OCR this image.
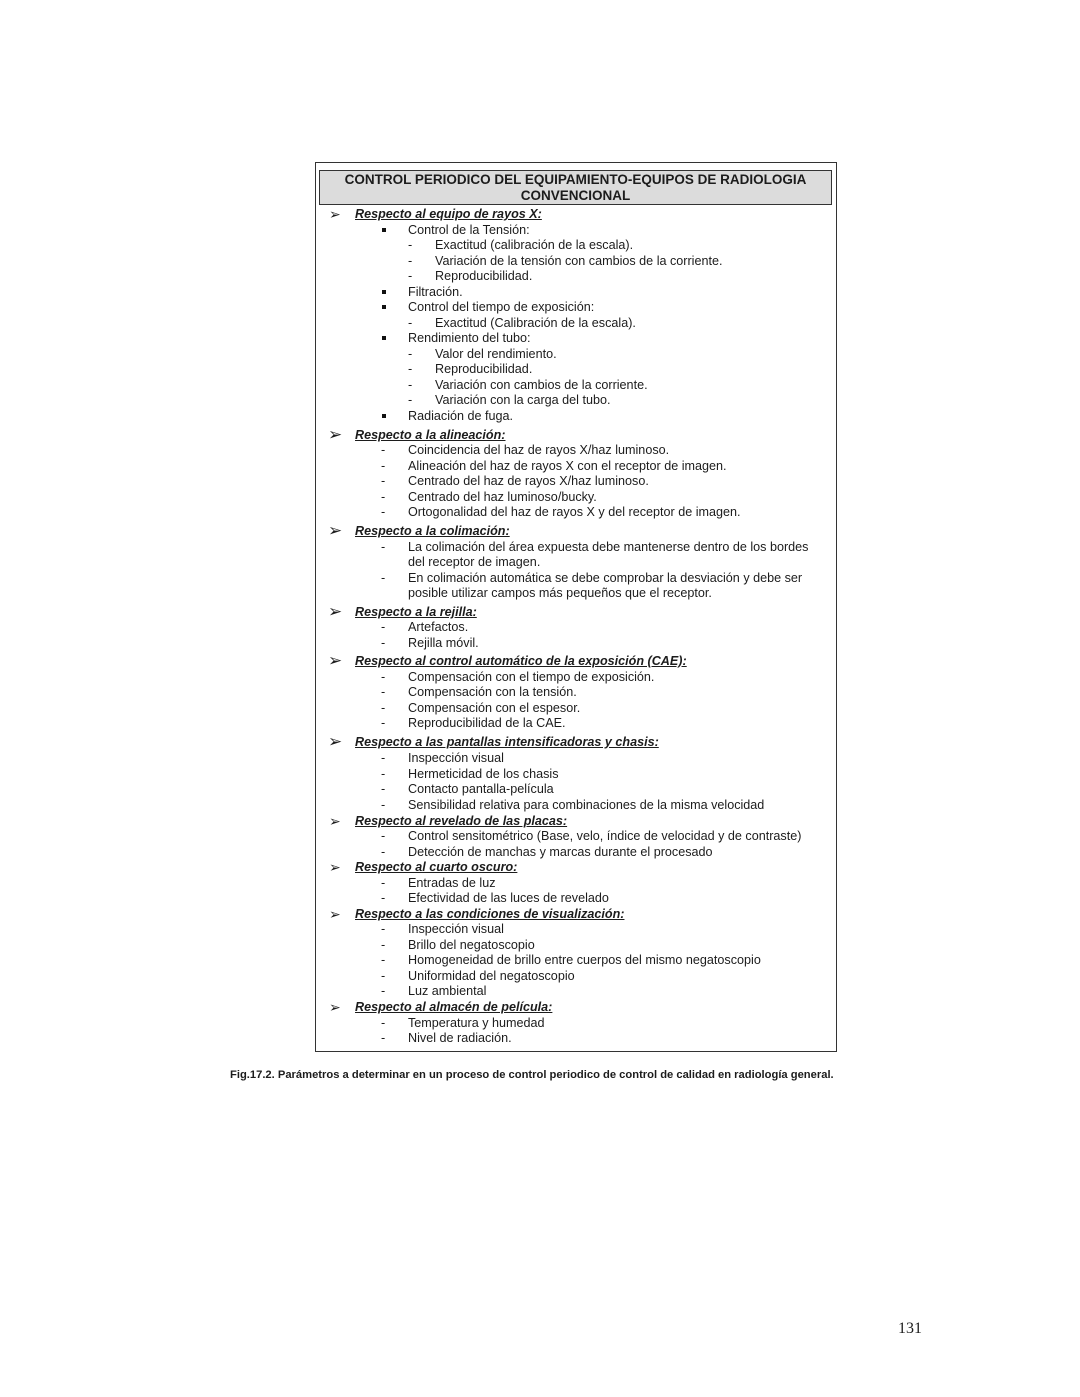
CONTROL PERIODICO DEL EQUIPAMIENTO-EQUIPOS DE RADIOLOGIA
CONVENCIONAL
➢ Respecto al equipo de rayos X:
Control de la Tensión:
- Exactitud (calibración de la escala).
- Variación de la tensión con cambios de la corriente.
- Reproducibilidad.
Filtración.
Control del tiempo de exposición:
- Exactitud (Calibración de la escala).
Rendimiento del tubo:
- Valor del rendimiento.
- Reproducibilidad.
- Variación con cambios de la corriente.
- Variación con la carga del tubo.
Radiación de fuga.
➢ Respecto a la alineación:
- Coincidencia del haz de rayos X/haz luminoso.
- Alineación del haz de rayos X con el receptor de imagen.
- Centrado del haz de rayos X/haz luminoso.
- Centrado del haz luminoso/bucky.
- Ortogonalidad del haz de rayos X y del receptor de imagen.
➢ Respecto a la colimación:
- La colimación del área expuesta debe mantenerse dentro de los bordes
del receptor de imagen.
- En colimación automática se debe comprobar la desviación y debe ser
posible utilizar campos más pequeños que el receptor.
➢ Respecto a la rejilla:
- Artefactos.
- Rejilla móvil.
➢ Respecto al control automático de la exposición (CAE):
- Compensación con el tiempo de exposición.
- Compensación con la tensión.
- Compensación con el espesor.
- Reproducibilidad de la CAE.
➢ Respecto a las pantallas intensificadoras y chasis:
- Inspección visual
- Hermeticidad de los chasis
- Contacto pantalla-película
- Sensibilidad relativa para combinaciones de la misma velocidad
➢ Respecto al revelado de las placas:
- Control sensitométrico (Base, velo, índice de velocidad y de contraste)
- Detección de manchas y marcas durante el procesado
➢ Respecto al cuarto oscuro:
- Entradas de luz
- Efectividad de las luces de revelado
➢ Respecto a las condiciones de visualización:
- Inspección visual
- Brillo del negatoscopio
- Homogeneidad de brillo entre cuerpos del mismo negatoscopio
- Uniformidad del negatoscopio
- Luz ambiental
➢ Respecto al almacén de película:
- Temperatura y humedad
- Nivel de radiación.
Fig.17.2. Parámetros a determinar en un proceso de control periodico de control de calidad en radiología general.
131
